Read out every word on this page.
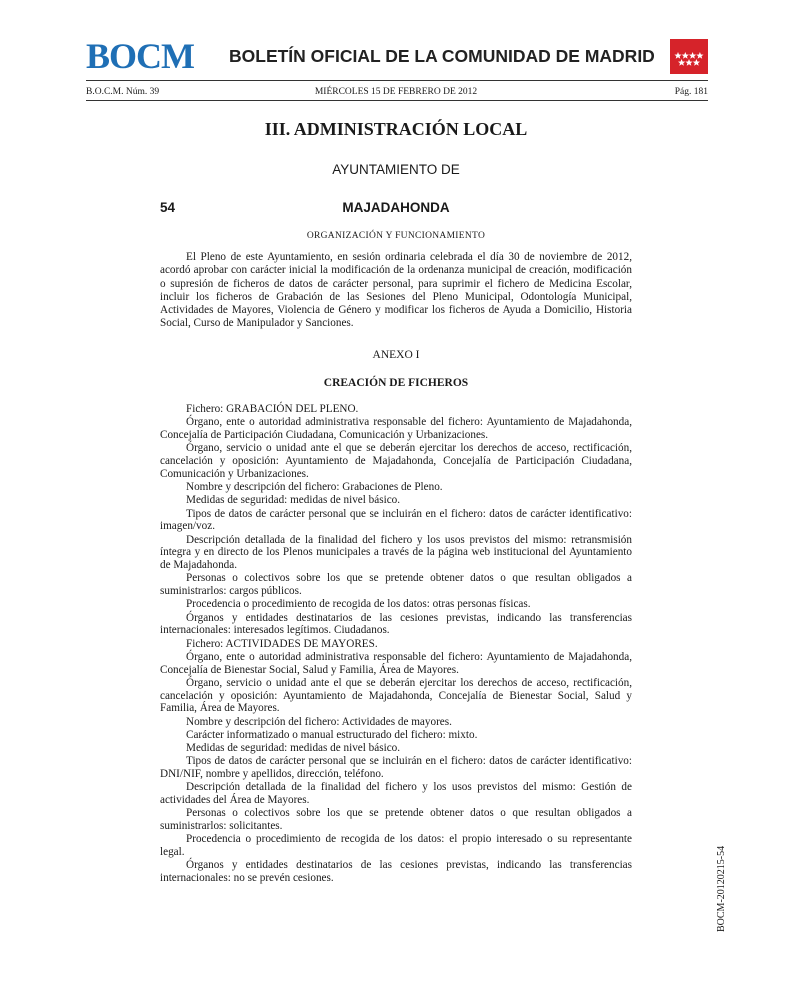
BOCM BOLETÍN OFICIAL DE LA COMUNIDAD DE MADRID
B.O.C.M. Núm. 39	MIÉRCOLES 15 DE FEBRERO DE 2012	Pág. 181
III. ADMINISTRACIÓN LOCAL
AYUNTAMIENTO DE
54	MAJADAHONDA
ORGANIZACIÓN Y FUNCIONAMIENTO
El Pleno de este Ayuntamiento, en sesión ordinaria celebrada el día 30 de noviembre de 2012, acordó aprobar con carácter inicial la modificación de la ordenanza municipal de creación, modificación o supresión de ficheros de datos de carácter personal, para suprimir el fichero de Medicina Escolar, incluir los ficheros de Grabación de las Sesiones del Pleno Municipal, Odontología Municipal, Actividades de Mayores, Violencia de Género y modificar los ficheros de Ayuda a Domicilio, Historia Social, Curso de Manipulador y Sanciones.
ANEXO I
CREACIÓN DE FICHEROS

Fichero: GRABACIÓN DEL PLENO.

Órgano, ente o autoridad administrativa responsable del fichero: Ayuntamiento de Majadahonda, Concejalía de Participación Ciudadana, Comunicación y Urbanizaciones.

Órgano, servicio o unidad ante el que se deberán ejercitar los derechos de acceso, rectificación, cancelación y oposición: Ayuntamiento de Majadahonda, Concejalía de Participación Ciudadana, Comunicación y Urbanizaciones.

Nombre y descripción del fichero: Grabaciones de Pleno.

Medidas de seguridad: medidas de nivel básico.

Tipos de datos de carácter personal que se incluirán en el fichero: datos de carácter identificativo: imagen/voz.

Descripción detallada de la finalidad del fichero y los usos previstos del mismo: retransmisión íntegra y en directo de los Plenos municipales a través de la página web institucional del Ayuntamiento de Majadahonda.

Personas o colectivos sobre los que se pretende obtener datos o que resultan obligados a suministrarlos: cargos públicos.

Procedencia o procedimiento de recogida de los datos: otras personas físicas.

Órganos y entidades destinatarios de las cesiones previstas, indicando las transferencias internacionales: interesados legítimos. Ciudadanos.

Fichero: ACTIVIDADES DE MAYORES.

Órgano, ente o autoridad administrativa responsable del fichero: Ayuntamiento de Majadahonda, Concejalía de Bienestar Social, Salud y Familia, Área de Mayores.

Órgano, servicio o unidad ante el que se deberán ejercitar los derechos de acceso, rectificación, cancelación y oposición: Ayuntamiento de Majadahonda, Concejalía de Bienestar Social, Salud y Familia, Área de Mayores.

Nombre y descripción del fichero: Actividades de mayores.

Carácter informatizado o manual estructurado del fichero: mixto.

Medidas de seguridad: medidas de nivel básico.

Tipos de datos de carácter personal que se incluirán en el fichero: datos de carácter identificativo: DNI/NIF, nombre y apellidos, dirección, teléfono.

Descripción detallada de la finalidad del fichero y los usos previstos del mismo: Gestión de actividades del Área de Mayores.

Personas o colectivos sobre los que se pretende obtener datos o que resultan obligados a suministrarlos: solicitantes.

Procedencia o procedimiento de recogida de los datos: el propio interesado o su representante legal.

Órganos y entidades destinatarios de las cesiones previstas, indicando las transferencias internacionales: no se prevén cesiones.	BOCM-20120215-54
